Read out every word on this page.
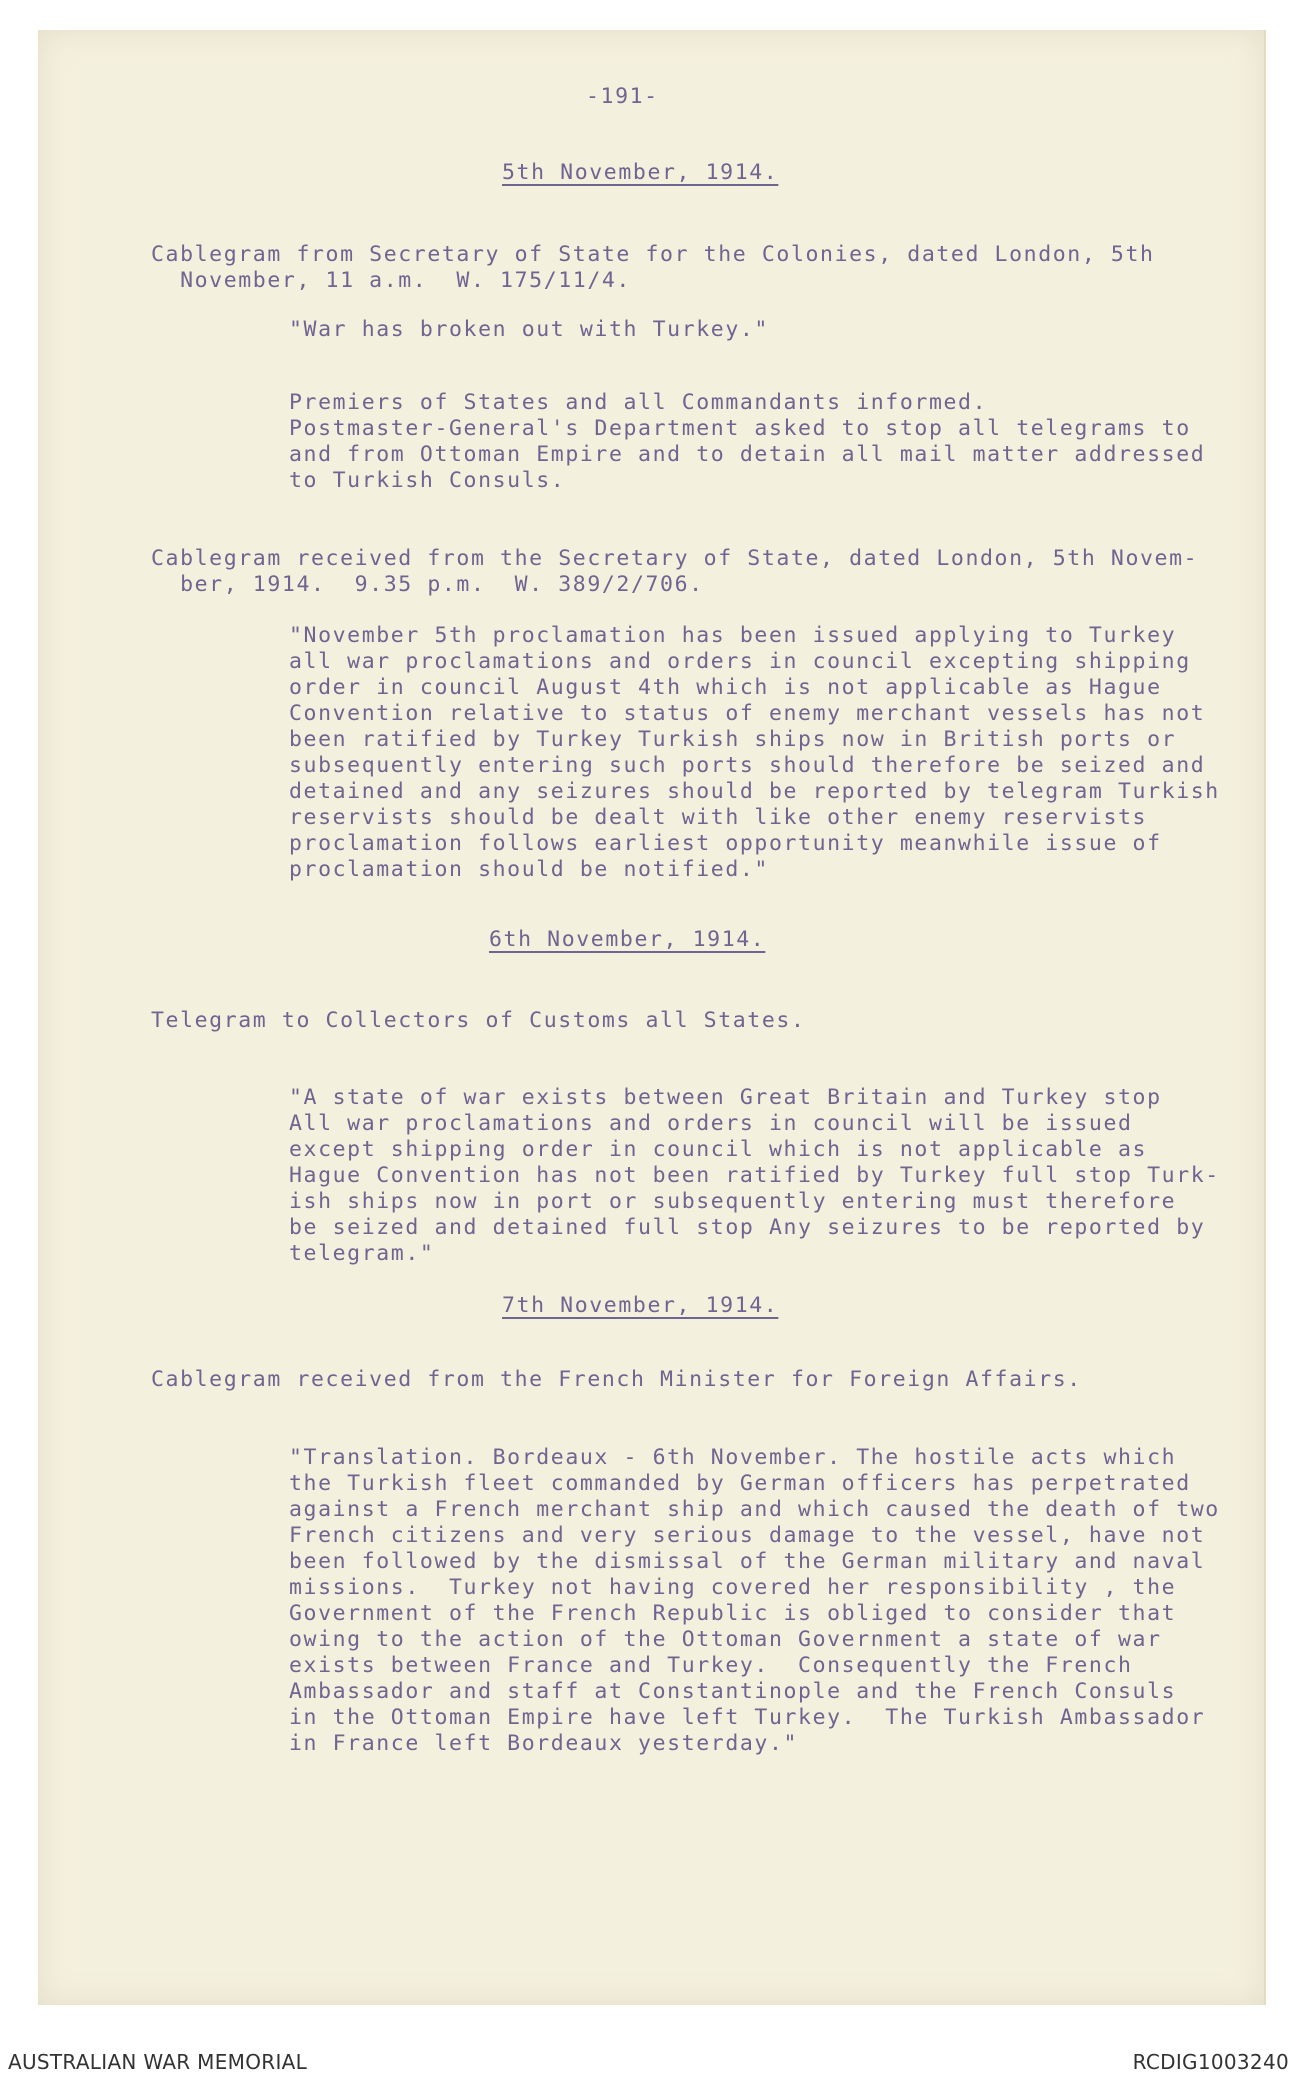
-191-
5th November, 1914.
Cablegram from Secretary of State for the Colonies, dated London, 5th
November, 11 a.m.  W. 175/11/4.
"War has broken out with Turkey."
Premiers of States and all Commandants informed.
Postmaster-General's Department asked to stop all telegrams to
and from Ottoman Empire and to detain all mail matter addressed
to Turkish Consuls.
Cablegram received from the Secretary of State, dated London, 5th Novem-
ber, 1914.  9.35 p.m.  W. 389/2/706.
"November 5th proclamation has been issued applying to Turkey
all war proclamations and orders in council excepting shipping
order in council August 4th which is not applicable as Hague
Convention relative to status of enemy merchant vessels has not
been ratified by Turkey Turkish ships now in British ports or
subsequently entering such ports should therefore be seized and
detained and any seizures should be reported by telegram Turkish
reservists should be dealt with like other enemy reservists
proclamation follows earliest opportunity meanwhile issue of
proclamation should be notified."
6th November, 1914.
Telegram to Collectors of Customs all States.
"A state of war exists between Great Britain and Turkey stop
All war proclamations and orders in council will be issued
except shipping order in council which is not applicable as
Hague Convention has not been ratified by Turkey full stop Turk-
ish ships now in port or subsequently entering must therefore
be seized and detained full stop Any seizures to be reported by
telegram."
7th November, 1914.
Cablegram received from the French Minister for Foreign Affairs.
"Translation. Bordeaux - 6th November. The hostile acts which
the Turkish fleet commanded by German officers has perpetrated
against a French merchant ship and which caused the death of two
French citizens and very serious damage to the vessel, have not
been followed by the dismissal of the German military and naval
missions.  Turkey not having covered her responsibility , the
Government of the French Republic is obliged to consider that
owing to the action of the Ottoman Government a state of war
exists between France and Turkey.  Consequently the French
Ambassador and staff at Constantinople and the French Consuls
in the Ottoman Empire have left Turkey.  The Turkish Ambassador
in France left Bordeaux yesterday."
AUSTRALIAN WAR MEMORIAL	RCDIG1003240
